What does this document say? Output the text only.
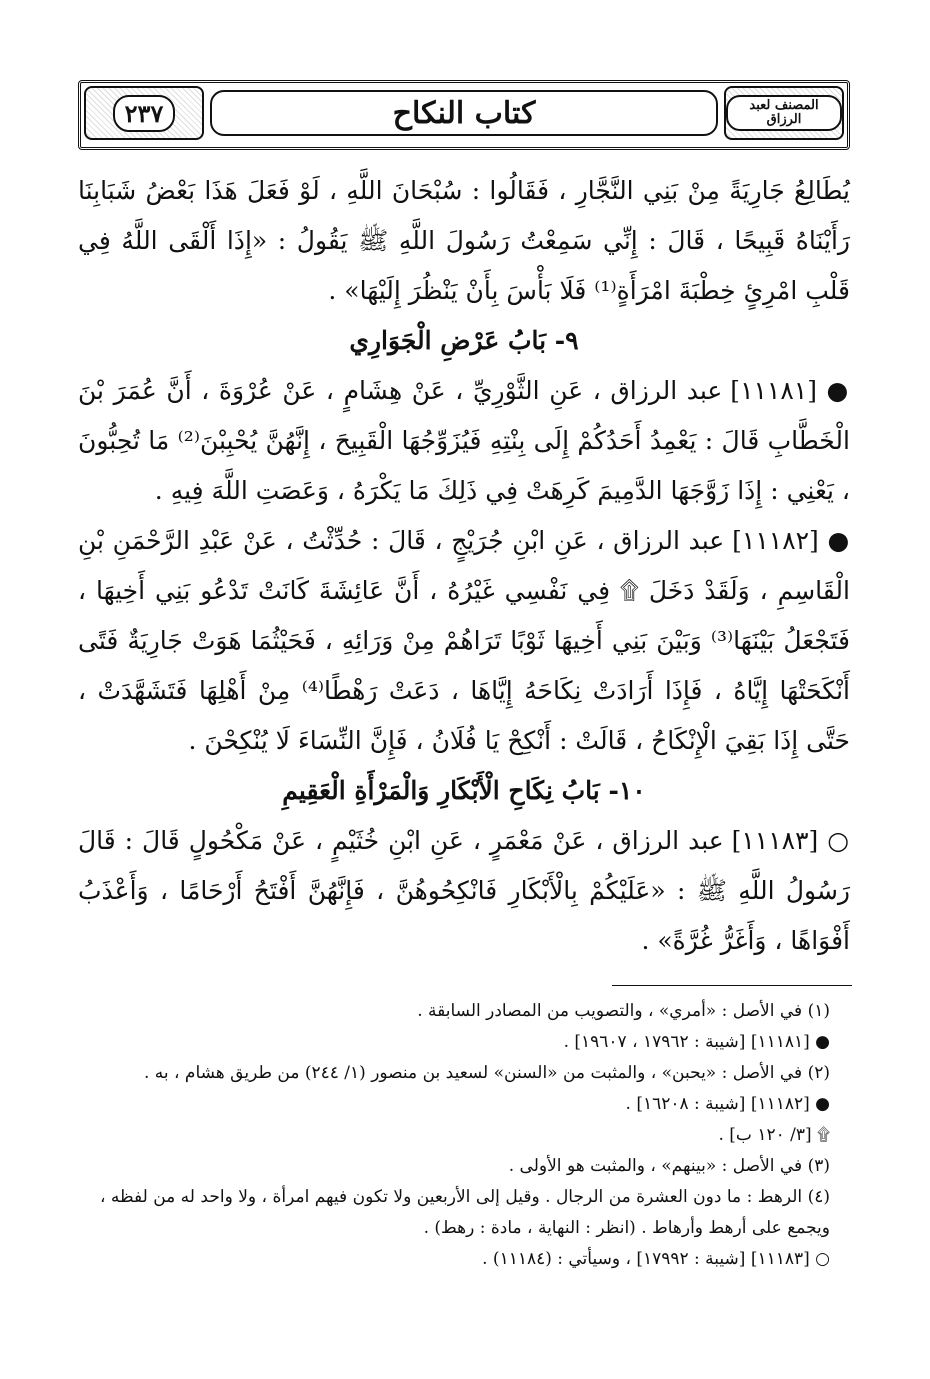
٢٣٧	كتاب النكاح	المصنف لعبد الرزاق

يُطَالِعُ جَارِيَةً مِنْ بَنِي النَّجَّارِ ، فَقَالُوا : سُبْحَانَ اللَّهِ ، لَوْ فَعَلَ هَذَا بَعْضُ شَبَابِنَا رَأَيْنَاهُ قَبِيحًا ، قَالَ : إِنِّي سَمِعْتُ رَسُولَ اللَّهِ ﷺ يَقُولُ : «إِذَا أَلْقَى اللَّهُ فِي قَلْبِ امْرِئٍ خِطْبَةَ امْرَأَةٍ⁽¹⁾ فَلَا بَأْسَ بِأَنْ يَنْظُرَ إِلَيْهَا» .

٩- بَابُ عَرْضِ الْجَوَارِي

● [١١١٨١] عبد الرزاق ، عَنِ الثَّوْرِيِّ ، عَنْ هِشَامٍ ، عَنْ عُرْوَةَ ، أَنَّ عُمَرَ بْنَ الْخَطَّابِ قَالَ : يَعْمِدُ أَحَدُكُمْ إِلَى بِنْتِهِ فَيُزَوِّجُهَا الْقَبِيحَ ، إِنَّهُنَّ يُحْبِبْنَ⁽²⁾ مَا تُحِبُّونَ ، يَعْنِي : إِذَا زَوَّجَهَا الدَّمِيمَ كَرِهَتْ فِي ذَلِكَ مَا يَكْرَهُ ، وَعَصَتِ اللَّهَ فِيهِ .

● [١١١٨٢] عبد الرزاق ، عَنِ ابْنِ جُرَيْجٍ ، قَالَ : حُدِّثْتُ ، عَنْ عَبْدِ الرَّحْمَنِ بْنِ الْقَاسِمِ ، وَلَقَدْ دَخَلَ ۩ فِي نَفْسِي غَيْرُهُ ، أَنَّ عَائِشَةَ كَانَتْ تَدْعُو بَنِي أَخِيهَا ، فَتَجْعَلُ بَيْنَهَا⁽³⁾ وَبَيْنَ بَنِي أَخِيهَا ثَوْبًا تَرَاهُمْ مِنْ وَرَائِهِ ، فَحَيْثُمَا هَوَتْ جَارِيَةٌ فَتًى أَنْكَحَتْهَا إِيَّاهُ ، فَإِذَا أَرَادَتْ نِكَاحَهُ إِيَّاهَا ، دَعَتْ رَهْطًا⁽⁴⁾ مِنْ أَهْلِهَا فَتَشَهَّدَتْ ، حَتَّى إِذَا بَقِيَ الْإِنْكَاحُ ، قَالَتْ : أَنْكِحْ يَا فُلَانُ ، فَإِنَّ النِّسَاءَ لَا يُنْكِحْنَ .

١٠- بَابُ نِكَاحِ الْأَبْكَارِ وَالْمَرْأَةِ الْعَقِيمِ

○ [١١١٨٣] عبد الرزاق ، عَنْ مَعْمَرٍ ، عَنِ ابْنِ خُثَيْمٍ ، عَنْ مَكْحُولٍ قَالَ : قَالَ رَسُولُ اللَّهِ ﷺ : «عَلَيْكُمْ بِالْأَبْكَارِ فَانْكِحُوهُنَّ ، فَإِنَّهُنَّ أَفْتَحُ أَرْحَامًا ، وَأَعْذَبُ أَفْوَاهًا ، وَأَغَرُّ غُرَّةً» .

(١) في الأصل : «أمري» ، والتصويب من المصادر السابقة .

● [١١١٨١] [شيبة : ١٧٩٦٢ ، ١٩٦٠٧] .

(٢) في الأصل : «يحبن» ، والمثبت من «السنن» لسعيد بن منصور (١/ ٢٤٤) من طريق هشام ، به .

● [١١١٨٢] [شيبة : ١٦٢٠٨] .

۩ [٣/ ١٢٠ ب] .

(٣) في الأصل : «بينهم» ، والمثبت هو الأولى .

(٤) الرهط : ما دون العشرة من الرجال . وقيل إلى الأربعين ولا تكون فيهم امرأة ، ولا واحد له من لفظه ، ويجمع على أرهط وأرهاط . (انظر : النهاية ، مادة : رهط) .

○ [١١١٨٣] [شيبة : ١٧٩٩٢] ، وسيأتي : (١١١٨٤) .
